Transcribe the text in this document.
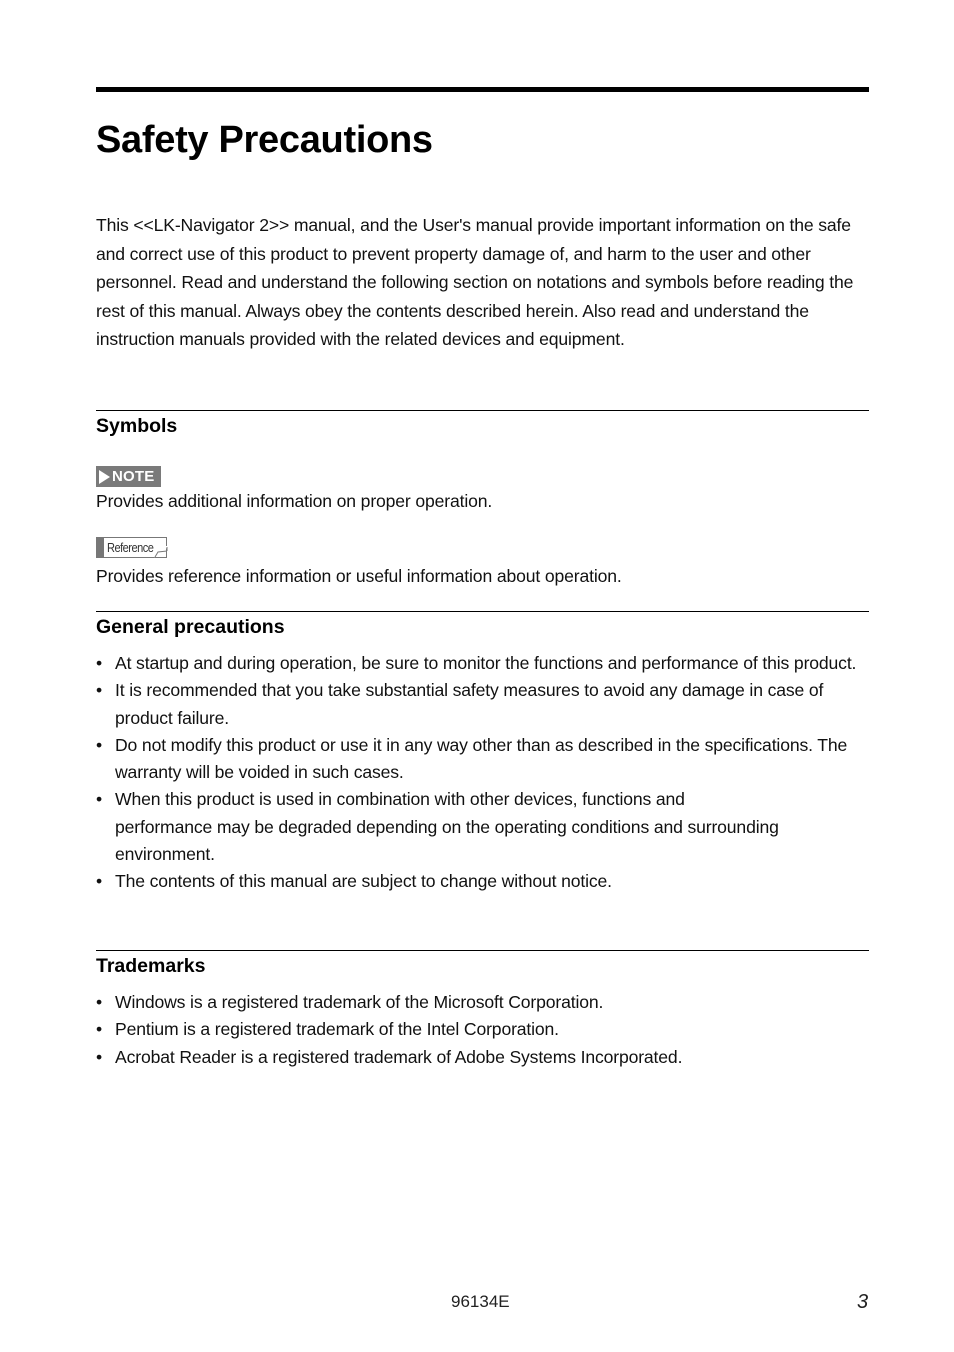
Safety Precautions

This <<LK-Navigator 2>> manual, and the User's manual provide important information on the safe and correct use of this product to prevent property damage of, and harm to the user and other personnel. Read and understand the following section on notations and symbols before reading the rest of this manual. Always obey the contents described herein. Also read and understand the instruction manuals provided with the related devices and equipment.

Symbols
NOTE

Provides additional information on proper operation.

Reference

Provides reference information or useful information about operation.

General precautions
• At startup and during operation, be sure to monitor the functions and performance of this product.
• It is recommended that you take substantial safety measures to avoid any damage in case of product failure.
• Do not modify this product or use it in any way other than as described in the specifications. The warranty will be voided in such cases.
• When this product is used in combination with other devices, functions and performance may be degraded depending on the operating conditions and surrounding environment.
• The contents of this manual are subject to change without notice.
Trademarks
• Windows is a registered trademark of the Microsoft Corporation.
• Pentium is a registered trademark of the Intel Corporation.
• Acrobat Reader is a registered trademark of Adobe Systems Incorporated.
96134E	3
